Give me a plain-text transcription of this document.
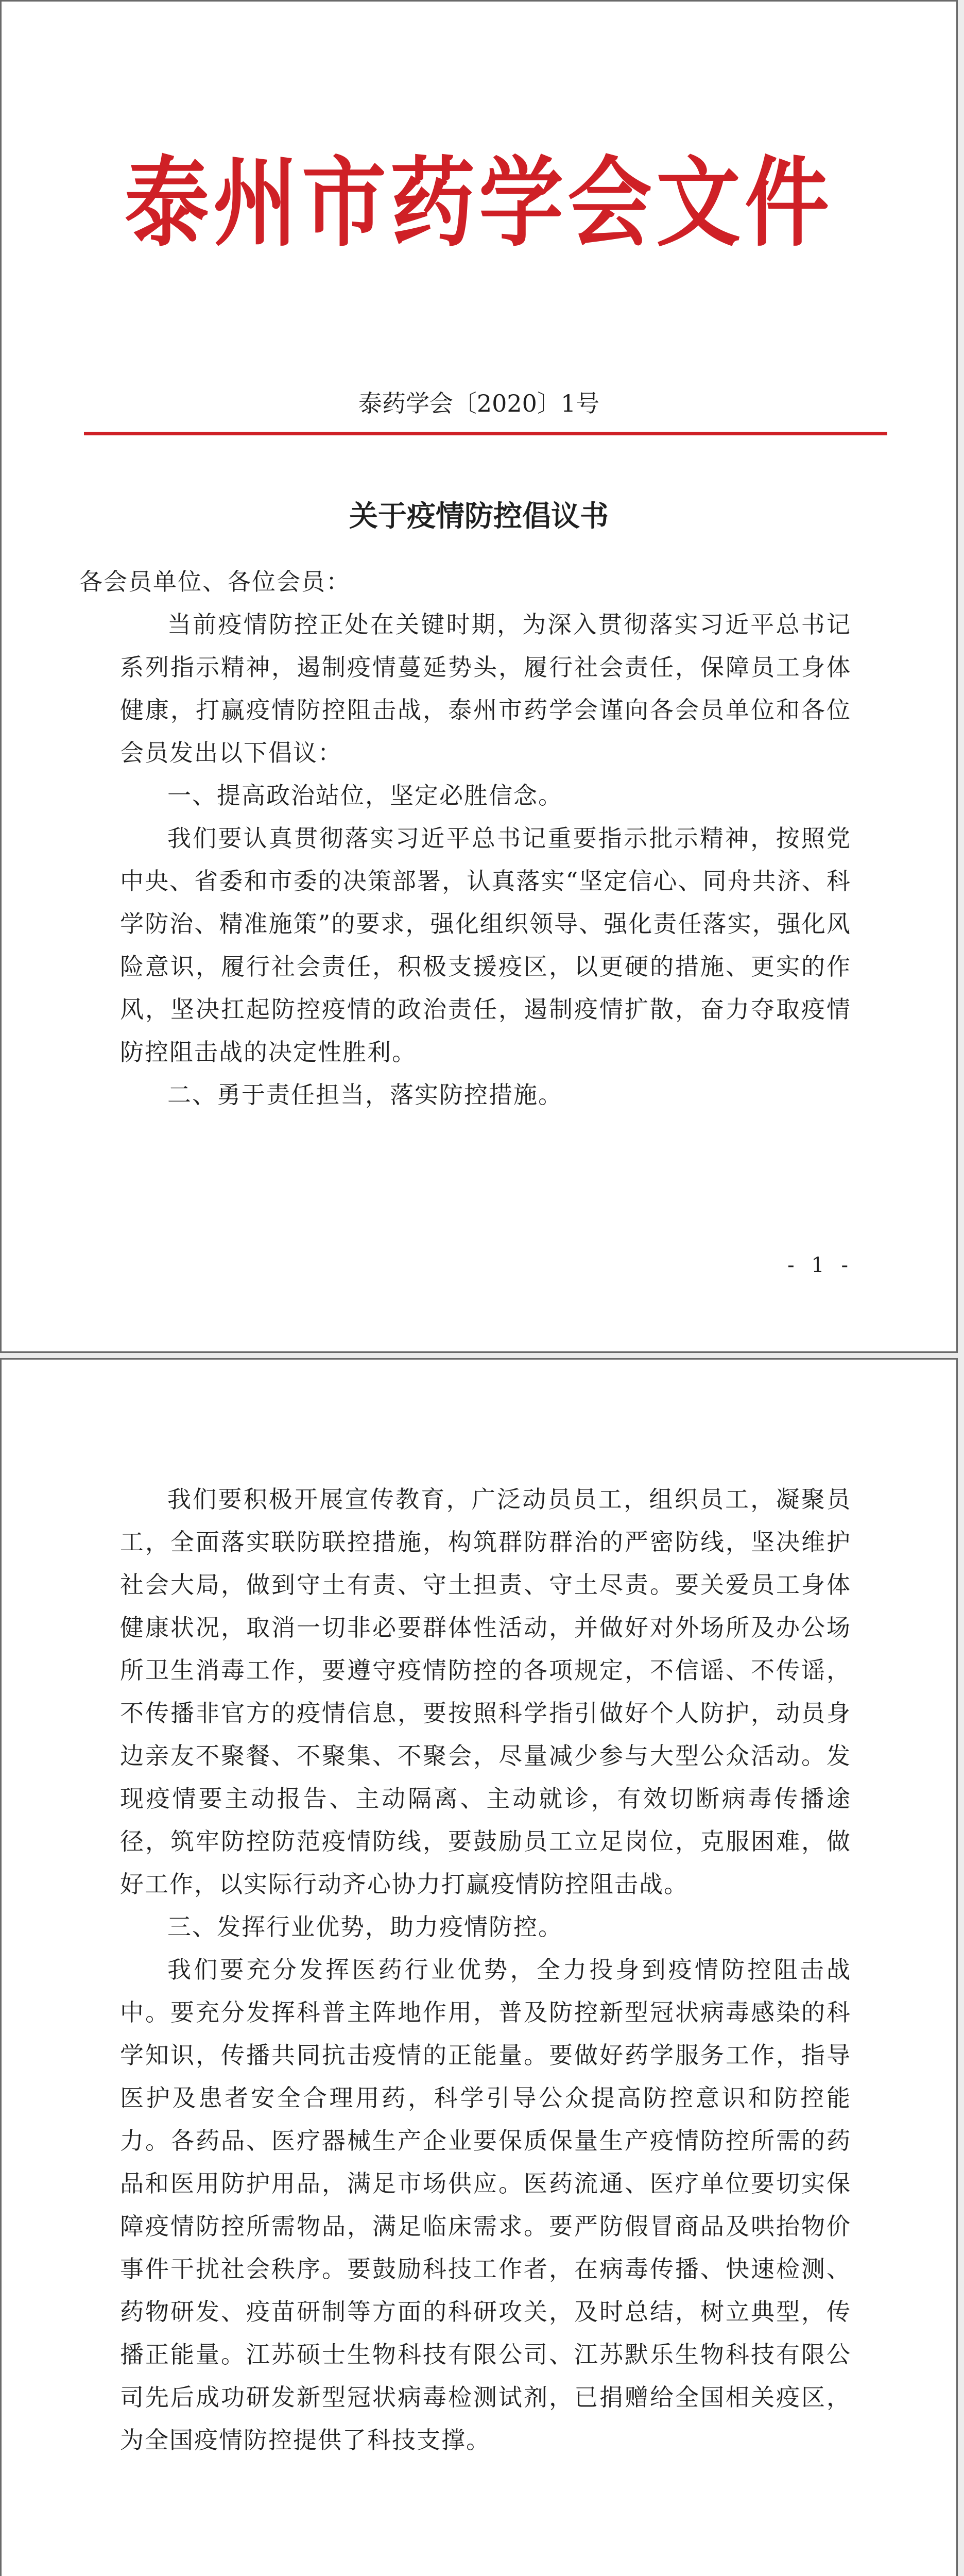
泰州市药学会文件
泰药学会〔2020〕1号
关于疫情防控倡议书

各会员单位、各位会员：

当前疫情防控正处在关键时期，为深入贯彻落实习近平总书记系列指示精神，遏制疫情蔓延势头，履行社会责任，保障员工身体健康，打赢疫情防控阻击战，泰州市药学会谨向各会员单位和各位会员发出以下倡议：

一、提高政治站位，坚定必胜信念。

我们要认真贯彻落实习近平总书记重要指示批示精神，按照党中央、省委和市委的决策部署，认真落实“坚定信心、同舟共济、科学防治、精准施策”的要求，强化组织领导、强化责任落实，强化风险意识，履行社会责任，积极支援疫区，以更硬的措施、更实的作风，坚决扛起防控疫情的政治责任，遏制疫情扩散，奋力夺取疫情防控阻击战的决定性胜利。

二、勇于责任担当，落实防控措施。

- 1 -

我们要积极开展宣传教育，广泛动员员工，组织员工，凝聚员工，全面落实联防联控措施，构筑群防群治的严密防线，坚决维护社会大局，做到守土有责、守土担责、守土尽责。要关爱员工身体健康状况，取消一切非必要群体性活动，并做好对外场所及办公场所卫生消毒工作，要遵守疫情防控的各项规定，不信谣、不传谣，不传播非官方的疫情信息，要按照科学指引做好个人防护，动员身边亲友不聚餐、不聚集、不聚会，尽量减少参与大型公众活动。发现疫情要主动报告、主动隔离、主动就诊，有效切断病毒传播途径，筑牢防控防范疫情防线，要鼓励员工立足岗位，克服困难，做好工作，以实际行动齐心协力打赢疫情防控阻击战。

三、发挥行业优势，助力疫情防控。

我们要充分发挥医药行业优势，全力投身到疫情防控阻击战中。要充分发挥科普主阵地作用，普及防控新型冠状病毒感染的科学知识，传播共同抗击疫情的正能量。要做好药学服务工作，指导医护及患者安全合理用药，科学引导公众提高防控意识和防控能力。各药品、医疗器械生产企业要保质保量生产疫情防控所需的药品和医用防护用品，满足市场供应。医药流通、医疗单位要切实保障疫情防控所需物品，满足临床需求。要严防假冒商品及哄抬物价事件干扰社会秩序。要鼓励科技工作者，在病毒传播、快速检测、药物研发、疫苗研制等方面的科研攻关，及时总结，树立典型，传播正能量。江苏硕士生物科技有限公司、江苏默乐生物科技有限公司先后成功研发新型冠状病毒检测试剂，已捐赠给全国相关疫区，为全国疫情防控提供了科技支撑。
